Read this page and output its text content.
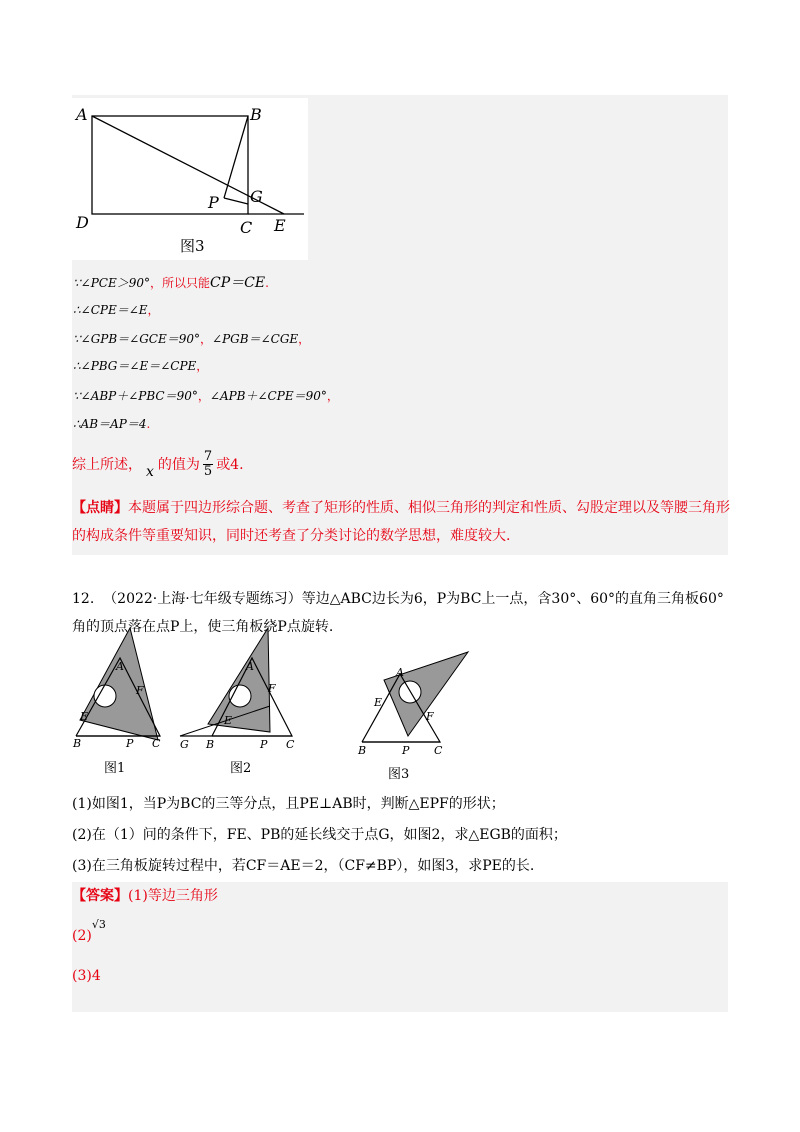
A	B
D	C E
G
P
图3
∵∠PCE＞90°，所以只能CP＝CE.
∴∠CPE＝∠E，
∵∠GPB＝∠GCE＝90°，∠PGB＝∠CGE，
∴∠PBG＝∠E＝∠CPE，
∵∠ABP＋∠PBC＝90°，∠APB＋∠CPE＝90°，
∴AB＝AP＝4.
综上所述， x 的值为 $\frac{7}{5}$ 或4.
【点睛】本题属于四边形综合题、考查了矩形的性质、相似三角形的判定和性质、勾股定理以及等腰三角形的构成条件等重要知识，同时还考查了分类讨论的数学思想，难度较大.
12. （2022·上海·七年级专题练习）等边△ABC边长为6，P为BC上一点，含30°、60°的直角三角板60°角的顶点落在点P上，使三角板绕P点旋转.
A
F
E
B	P C
图1
A
F
E
G B	P C
图2
A
E
F
B	P C
图3
(1)如图1，当P为BC的三等分点，且PE⊥AB时，判断△EPF的形状；
(2)在（1）问的条件下，FE、PB的延长线交于点G，如图2，求△EGB的面积；
(3)在三角板旋转过程中，若CF＝AE＝2，（CF≠BP），如图3，求PE的长.
【答案】(1)等边三角形
$(2)^{√3}$
(3)4
